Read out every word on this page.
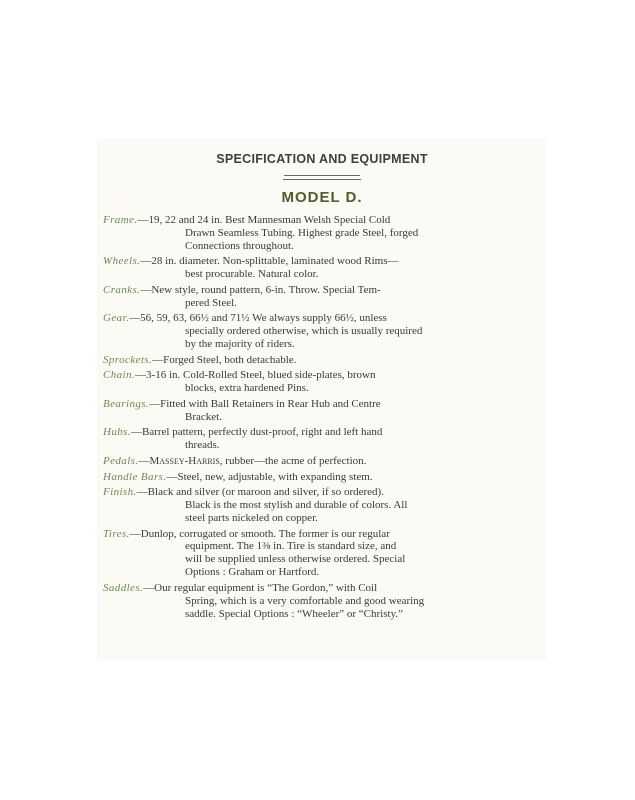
SPECIFICATION AND EQUIPMENT
MODEL D.
Frame.—19, 22 and 24 in. Best Mannesman Welsh Special Cold
Drawn Seamless Tubing. Highest grade Steel, forged
Connections throughout.
Wheels.—28 in. diameter. Non-splittable, laminated wood Rims—
best procurable. Natural color.
Cranks.—New style, round pattern, 6-in. Throw. Special Tem-
pered Steel.
Gear.—56, 59, 63, 66½ and 71½ We always supply 66½, unless
specially ordered otherwise, which is usually required
by the majority of riders.
Sprockets.—Forged Steel, both detachable.
Chain.—3-16 in. Cold-Rolled Steel, blued side-plates, brown
blocks, extra hardened Pins.
Bearings.—Fitted with Ball Retainers in Rear Hub and Centre
Bracket.
Hubs.—Barrel pattern, perfectly dust-proof, right and left hand
threads.
Pedals.—Massey-Harris, rubber—the acme of perfection.
Handle Bars.—Steel, new, adjustable, with expanding stem.
Finish.—Black and silver (or maroon and silver, if so ordered).
Black is the most stylish and durable of colors. All
steel parts nickeled on copper.
Tires.—Dunlop, corrugated or smooth. The former is our regular
equipment. The 1⅜ in. Tire is standard size, and
will be supplied unless otherwise ordered. Special
Options : Graham or Hartford.
Saddles.—Our regular equipment is “The Gordon,” with Coil
Spring, which is a very comfortable and good wearing
saddle. Special Options : “Wheeler” or “Christy.”
